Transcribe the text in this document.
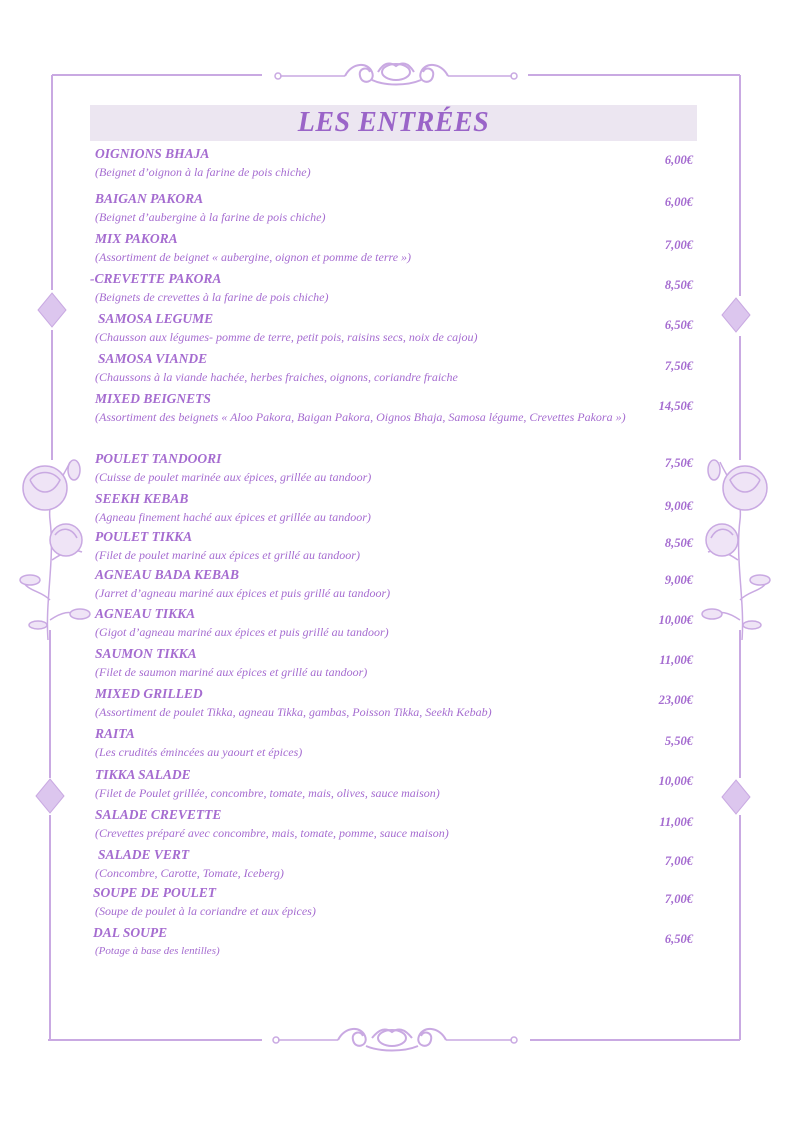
LES ENTRÉES
OIGNIONS BHAJA
(Beignet d’oignon à la farine de pois chiche)
6,00€
BAIGAN PAKORA
(Beignet d’aubergine à la farine de pois chiche)
6,00€
MIX PAKORA
(Assortiment de beignet « aubergine, oignon et pomme de terre »)
7,00€
-CREVETTE PAKORA
(Beignets de crevettes à la farine de pois chiche)
8,50€
SAMOSA LEGUME
(Chausson aux légumes- pomme de terre, petit pois, raisins secs, noix de cajou)
6,50€
SAMOSA VIANDE
(Chaussons à la viande hachée, herbes fraiches, oignons, coriandre fraiche
7,50€
MIXED BEIGNETS
(Assortiment des beignets « Aloo Pakora, Baigan Pakora, Oignos Bhaja, Samosa légume, Crevettes Pakora »)
14,50€
POULET TANDOORI
(Cuisse de poulet marinée aux épices, grillée au tandoor)
7,50€
SEEKH KEBAB
(Agneau finement haché aux épices et grillée au tandoor)
9,00€
POULET TIKKA
(Filet de poulet mariné aux épices et grillé au tandoor)
8,50€
AGNEAU BADA KEBAB
(Jarret d’agneau mariné aux épices et puis grillé au tandoor)
9,00€
AGNEAU TIKKA
(Gigot d’agneau mariné aux épices et puis grillé au tandoor)
10,00€
SAUMON TIKKA
(Filet de saumon mariné aux épices et grillé au tandoor)
11,00€
MIXED GRILLED
(Assortiment de poulet Tikka, agneau Tikka, gambas, Poisson Tikka, Seekh Kebab)
23,00€
RAITA
(Les crudités émincées au yaourt et épices)
5,50€
TIKKA SALADE
(Filet de Poulet grillée, concombre, tomate, mais, olives, sauce maison)
10,00€
SALADE CREVETTE
(Crevettes préparé avec concombre, mais, tomate, pomme, sauce maison)
11,00€
SALADE VERT
(Concombre, Carotte, Tomate, Iceberg)
7,00€
SOUPE DE POULET
(Soupe de poulet à la coriandre et aux épices)
7,00€
DAL SOUPE
(Potage à base des lentilles)
6,50€
